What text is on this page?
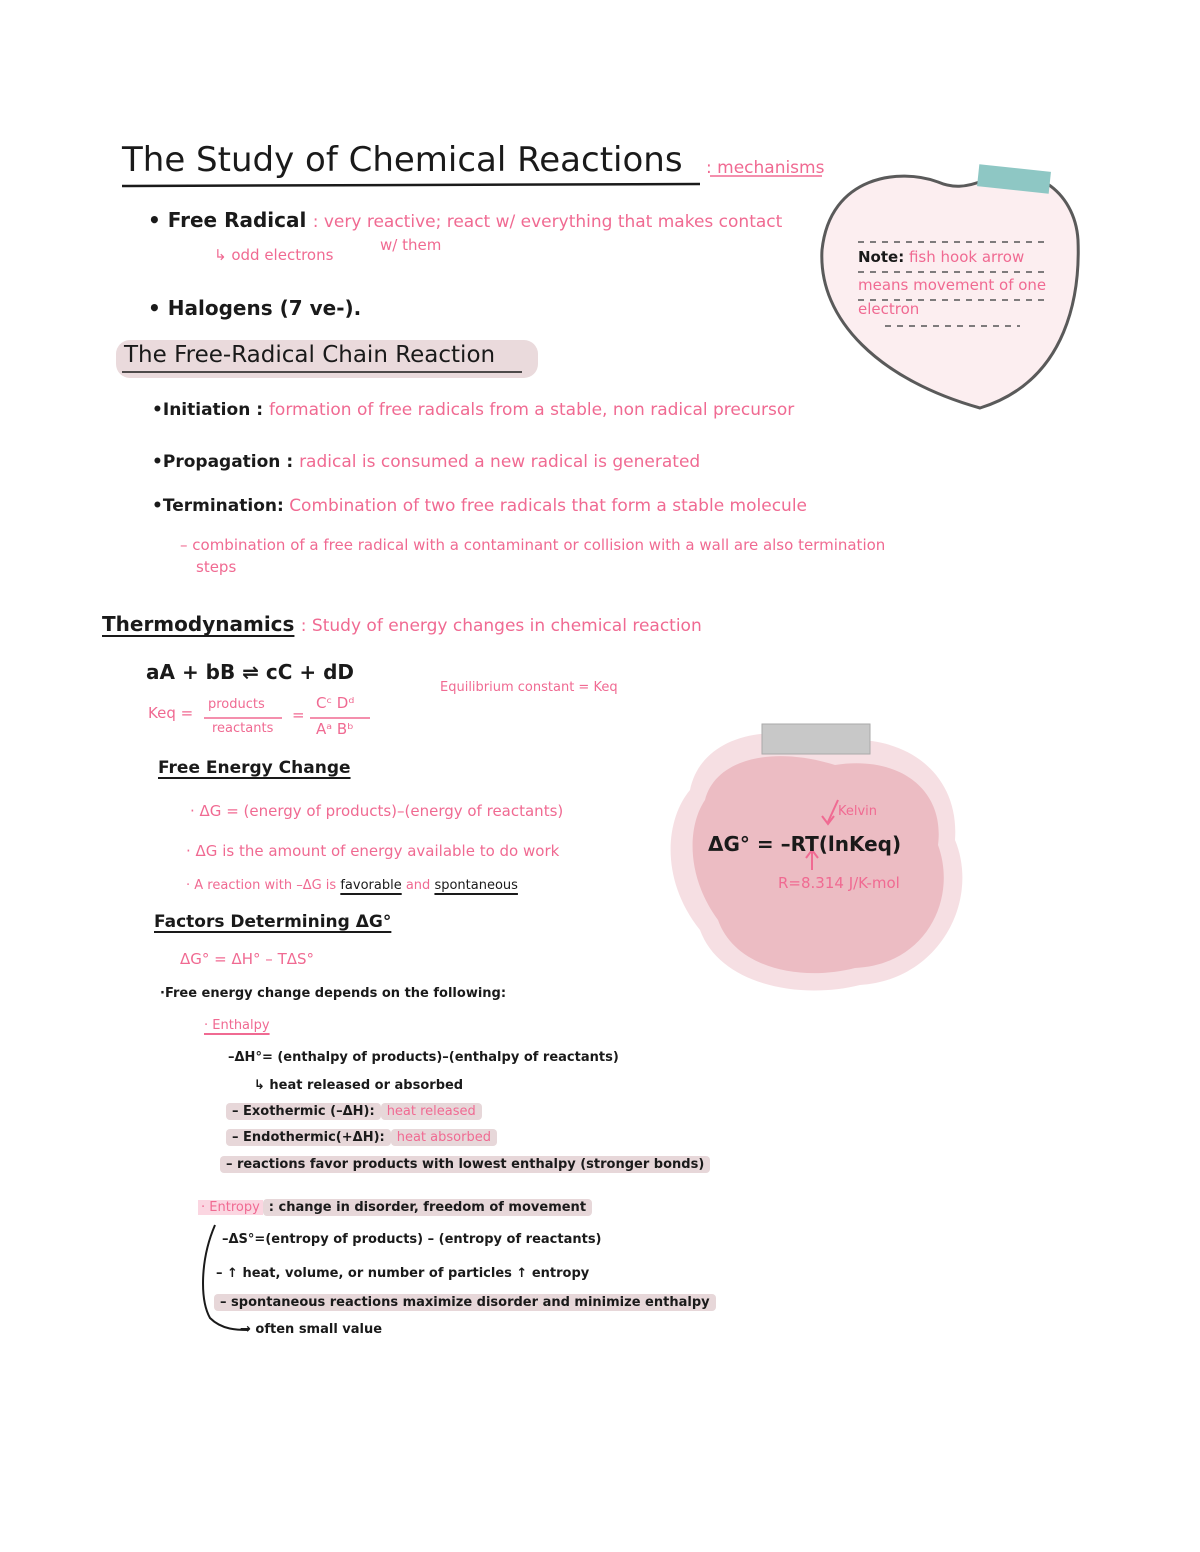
The Study of Chemical Reactions : mechanisms
• Free Radical : very reactive; react w/ everything that makes contact
w/ them
↳ odd electrons
• Halogens (7 ve-).
Note: fish hook arrow
means movement of one
electron
The Free-Radical Chain Reaction
•Initiation : formation of free radicals from a stable, non radical precursor
•Propagation : radical is consumed a new radical is generated
•Termination: Combination of two free radicals that form a stable molecule
– combination of a free radical with a contaminant or collision with a wall are also termination
steps
Thermodynamics : Study of energy changes in chemical reaction
aA + bB ⇌ cC + dD
Keq = products
reactants
=
Cᶜ Dᵈ
Aᵃ Bᵇ
Equilibrium constant = Keq
Free Energy Change
· ΔG = (energy of products)–(energy of reactants)
· ΔG is the amount of energy available to do work
· A reaction with –ΔG is favorable and spontaneous
Kelvin
ΔG° = –RT(lnKeq)
R=8.314 J/K-mol
Factors Determining ΔG°
ΔG° = ΔH° – TΔS°
·Free energy change depends on the following:
· Enthalpy
–ΔH°= (enthalpy of products)–(enthalpy of reactants)
↳ heat released or absorbed
– Exothermic (–ΔH): heat released
– Endothermic(+ΔH): heat absorbed
– reactions favor products with lowest enthalpy (stronger bonds)
· Entropy : change in disorder, freedom of movement
–ΔS°=(entropy of products) – (entropy of reactants)
– ↑ heat, volume, or number of particles ↑ entropy
– spontaneous reactions maximize disorder and minimize enthalpy
→ often small value
